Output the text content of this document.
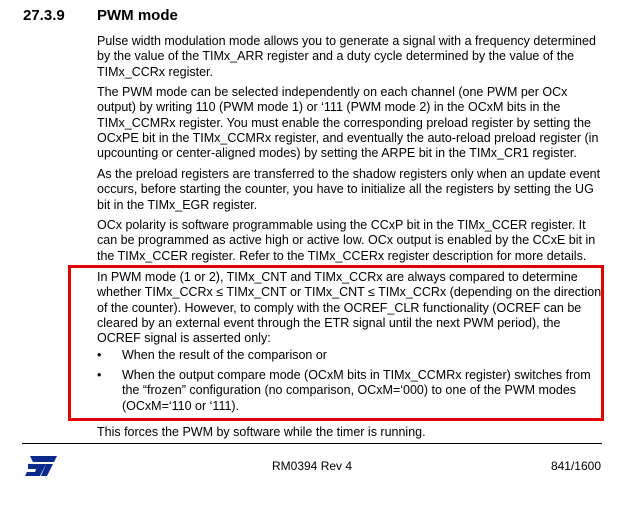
27.3.9 PWM mode

Pulse width modulation mode allows you to generate a signal with a frequency determined
by the value of the TIMx_ARR register and a duty cycle determined by the value of the
TIMx_CCRx register.

The PWM mode can be selected independently on each channel (one PWM per OCx
output) by writing 110 (PWM mode 1) or ‘111 (PWM mode 2) in the OCxM bits in the
TIMx_CCMRx register. You must enable the corresponding preload register by setting the
OCxPE bit in the TIMx_CCMRx register, and eventually the auto-reload preload register (in
upcounting or center-aligned modes) by setting the ARPE bit in the TIMx_CR1 register.

As the preload registers are transferred to the shadow registers only when an update event
occurs, before starting the counter, you have to initialize all the registers by setting the UG
bit in the TIMx_EGR register.

OCx polarity is software programmable using the CCxP bit in the TIMx_CCER register. It
can be programmed as active high or active low. OCx output is enabled by the CCxE bit in
the TIMx_CCER register. Refer to the TIMx_CCERx register description for more details.

In PWM mode (1 or 2), TIMx_CNT and TIMx_CCRx are always compared to determine
whether TIMx_CCRx ≤ TIMx_CNT or TIMx_CNT ≤ TIMx_CCRx (depending on the direction
of the counter). However, to comply with the OCREF_CLR functionality (OCREF can be
cleared by an external event through the ETR signal until the next PWM period), the
OCREF signal is asserted only:

• When the result of the comparison or
• When the output compare mode (OCxM bits in TIMx_CCMRx register) switches from
the “frozen” configuration (no comparison, OCxM=‘000) to one of the PWM modes
(OCxM=‘110 or ‘111).

This forces the PWM by software while the timer is running.

RM0394 Rev 4	841/1600
